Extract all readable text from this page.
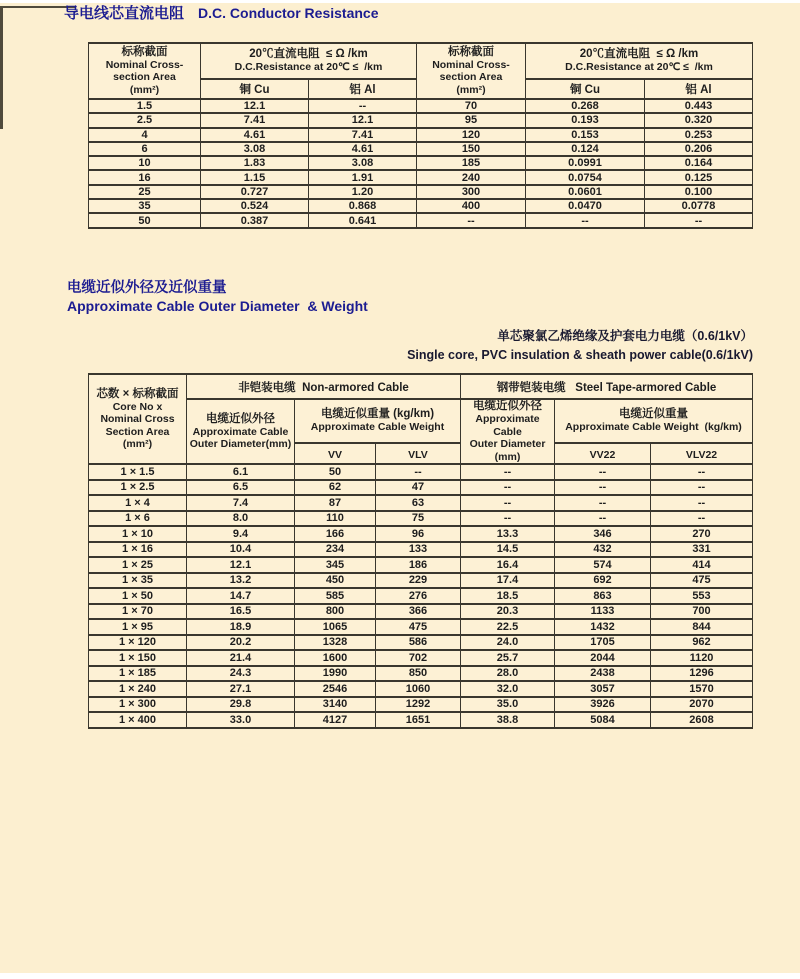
导电线芯直流电阻 D.C. Conductor Resistance
标称截面
Nominal Cross-
section Area
(mm²)

20℃直流电阻  ≤ Ω /km
D.C.Resistance at 20℃ ≤  /km

标称截面
Nominal Cross-
section Area
(mm²)

20℃直流电阻  ≤ Ω /km
D.C.Resistance at 20℃ ≤  /km

	铜 Cu	铝 Al		铜 Cu	铝 Al
1.5	12.1	--	70	0.268	0.443
2.5	7.41	12.1	95	0.193	0.320
4	4.61	7.41	120	0.153	0.253
6	3.08	4.61	150	0.124	0.206
10	1.83	3.08	185	0.0991	0.164
16	1.15	1.91	240	0.0754	0.125
25	0.727	1.20	300	0.0601	0.100
35	0.524	0.868	400	0.0470	0.0778
50	0.387	0.641	--	--	--
电缆近似外径及近似重量
Approximate Cable Outer Diameter  & Weight
单芯聚氯乙烯绝缘及护套电力电缆（0.6/1kV）
Single core, PVC insulation & sheath power cable(0.6/1kV)
芯数 × 标称截面
Core No x
Nominal Cross
Section Area
(mm²)	非铠装电缆  Non-armored Cable			钢带铠装电缆   Steel Tape-armored Cable		

电缆近似外径
Approximate Cable
Outer Diameter(mm)

电缆近似重量 (kg/km)
Approximate Cable Weight

电缆近似外径
Approximate Cable
Outer Diameter
(mm)

电缆近似重量
Approximate Cable Weight  (kg/km)

		VV	VLV		VV22	VLV22
1 × 1.5	6.1	50	--	--	--	--
1 × 2.5	6.5	62	47	--	--	--
1 × 4	7.4	87	63	--	--	--
1 × 6	8.0	110	75	--	--	--
1 × 10	9.4	166	96	13.3	346	270
1 × 16	10.4	234	133	14.5	432	331
1 × 25	12.1	345	186	16.4	574	414
1 × 35	13.2	450	229	17.4	692	475
1 × 50	14.7	585	276	18.5	863	553
1 × 70	16.5	800	366	20.3	1133	700
1 × 95	18.9	1065	475	22.5	1432	844
1 × 120	20.2	1328	586	24.0	1705	962
1 × 150	21.4	1600	702	25.7	2044	1120
1 × 185	24.3	1990	850	28.0	2438	1296
1 × 240	27.1	2546	1060	32.0	3057	1570
1 × 300	29.8	3140	1292	35.0	3926	2070
1 × 400	33.0	4127	1651	38.8	5084	2608
